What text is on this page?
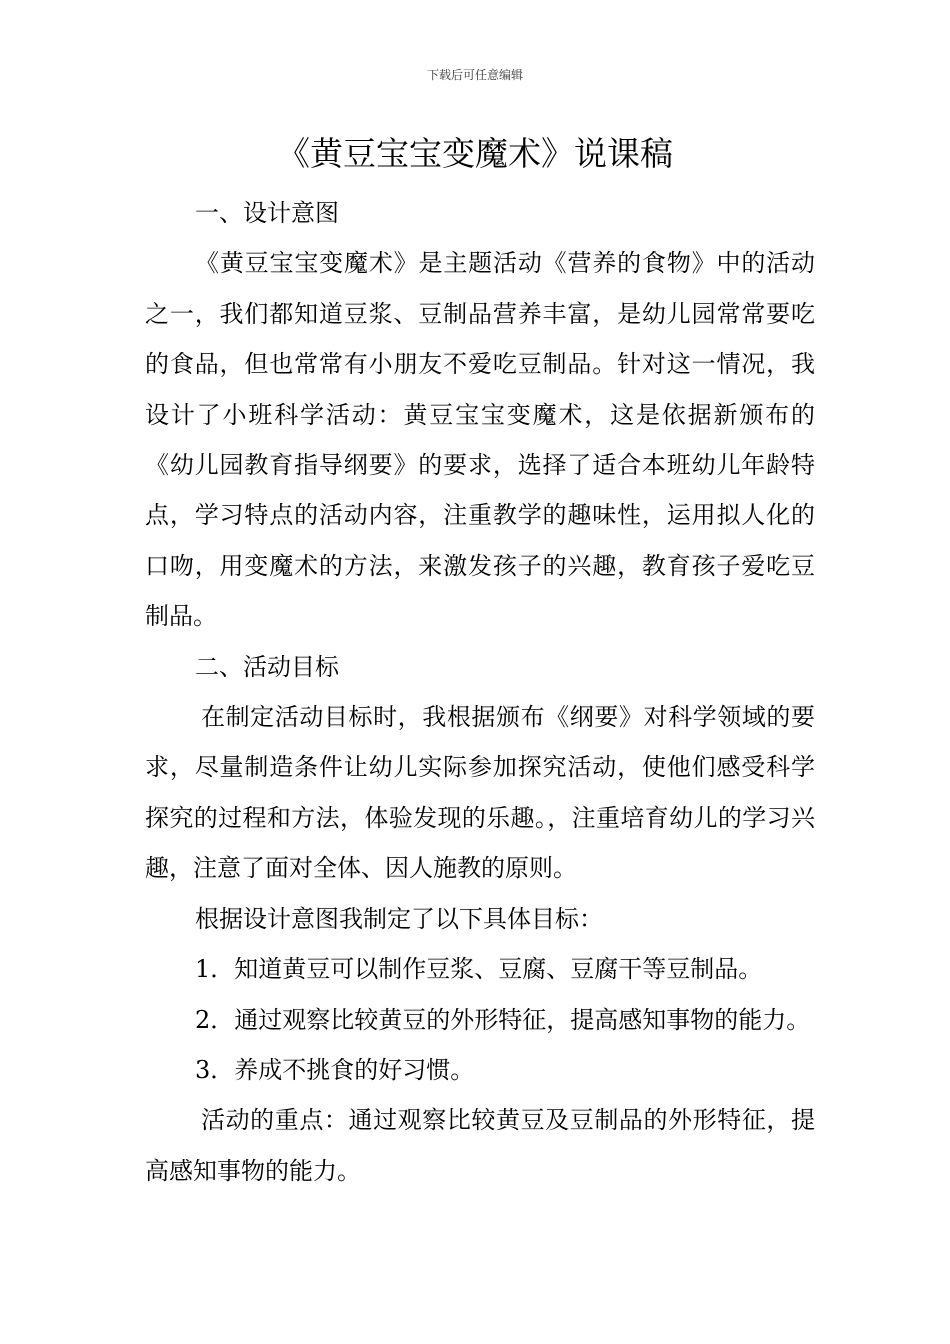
下载后可任意编辑
《黄豆宝宝变魔术》说课稿

一、设计意图

《黄豆宝宝变魔术》是主题活动《营养的食物》中的活动之一，我们都知道豆浆、豆制品营养丰富，是幼儿园常常要吃的食品，但也常常有小朋友不爱吃豆制品。针对这一情况，我设计了小班科学活动：黄豆宝宝变魔术，这是依据新颁布的《幼儿园教育指导纲要》的要求，选择了适合本班幼儿年龄特点，学习特点的活动内容，注重教学的趣味性，运用拟人化的口吻，用变魔术的方法，来激发孩子的兴趣，教育孩子爱吃豆制品。

二、活动目标

在制定活动目标时，我根据颁布《纲要》对科学领域的要求，尽量制造条件让幼儿实际参加探究活动，使他们感受科学探究的过程和方法，体验发现的乐趣。，注重培育幼儿的学习兴趣，注意了面对全体、因人施教的原则。

根据设计意图我制定了以下具体目标：

1．知道黄豆可以制作豆浆、豆腐、豆腐干等豆制品。

2．通过观察比较黄豆的外形特征，提高感知事物的能力。

3．养成不挑食的好习惯。

活动的重点：通过观察比较黄豆及豆制品的外形特征，提高感知事物的能力。
